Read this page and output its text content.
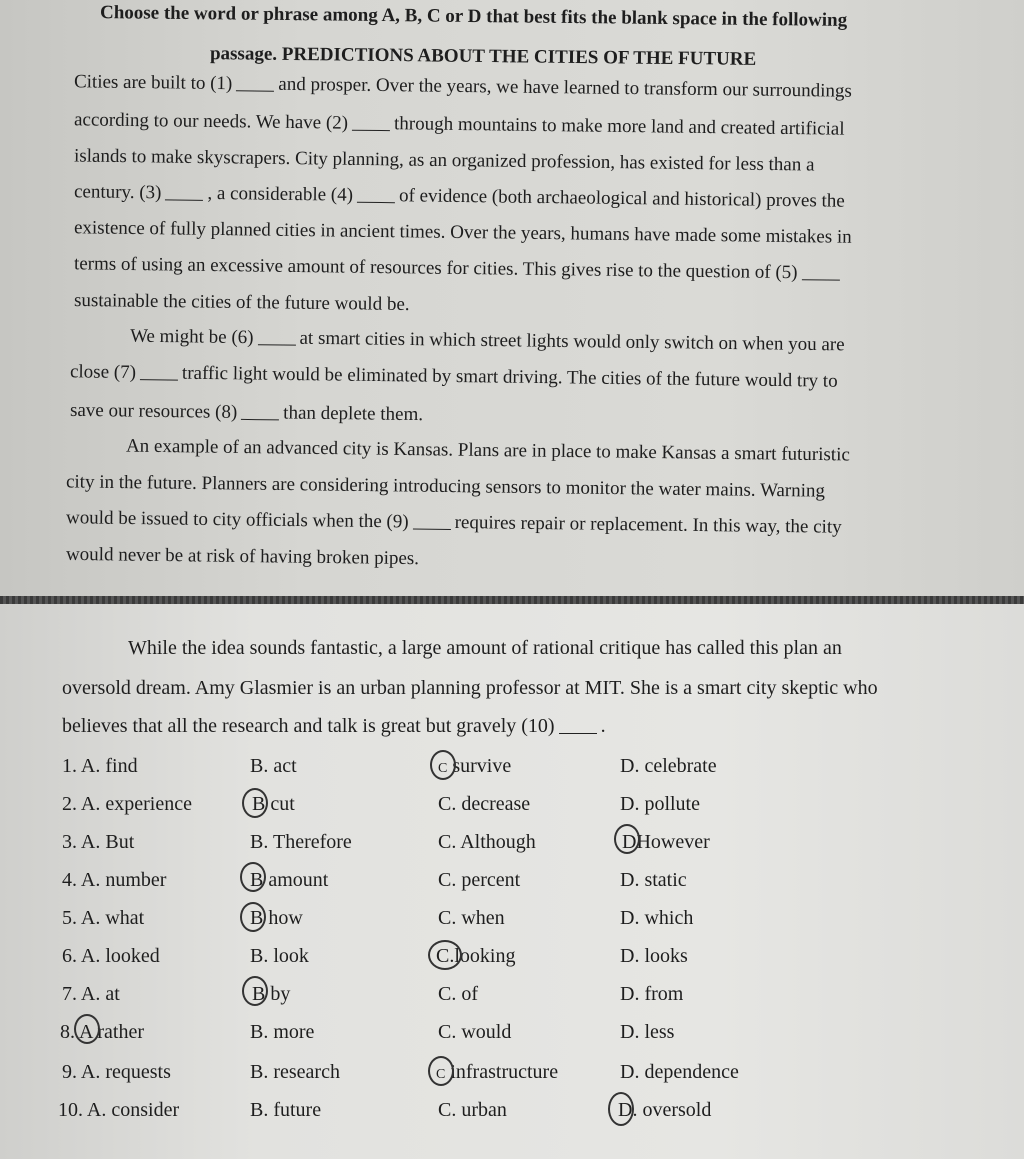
Choose the word or phrase among A, B, C or D that best fits the blank space in the following
passage. PREDICTIONS ABOUT THE CITIES OF THE FUTURE
Cities are built to (1) and prosper. Over the years, we have learned to transform our surroundings
according to our needs. We have (2) through mountains to make more land and created artificial
islands to make skyscrapers. City planning, as an organized profession, has existed for less than a
century. (3) , a considerable (4) of evidence (both archaeological and historical) proves the
existence of fully planned cities in ancient times. Over the years, humans have made some mistakes in
terms of using an excessive amount of resources for cities. This gives rise to the question of (5)
sustainable the cities of the future would be.
We might be (6) at smart cities in which street lights would only switch on when you are
close (7) traffic light would be eliminated by smart driving. The cities of the future would try to
save our resources (8) than deplete them.
An example of an advanced city is Kansas. Plans are in place to make Kansas a smart futuristic
city in the future. Planners are considering introducing sensors to monitor the water mains. Warning
would be issued to city officials when the (9) requires repair or replacement. In this way, the city
would never be at risk of having broken pipes.
While the idea sounds fantastic, a large amount of rational critique has called this plan an
oversold dream. Amy Glasmier is an urban planning professor at MIT. She is a smart city skeptic who
believes that all the research and talk is great but gravely (10) .
1. A. find	B. act	C survive	D. celebrate
2. A. experience	B cut	C. decrease	D. pollute
3. A. But	B. Therefore	C. Although	DHowever
4. A. number	B amount	C. percent	D. static
5. A. what	B how	C. when	D. which
6. A. looked	B. look	C.looking	D. looks
7. A. at	B by	C. of	D. from
8. A rather	B. more	C. would	D. less
9. A. requests	B. research	C infrastructure	D. dependence
10. A. consider	B. future	C. urban	D. oversold
